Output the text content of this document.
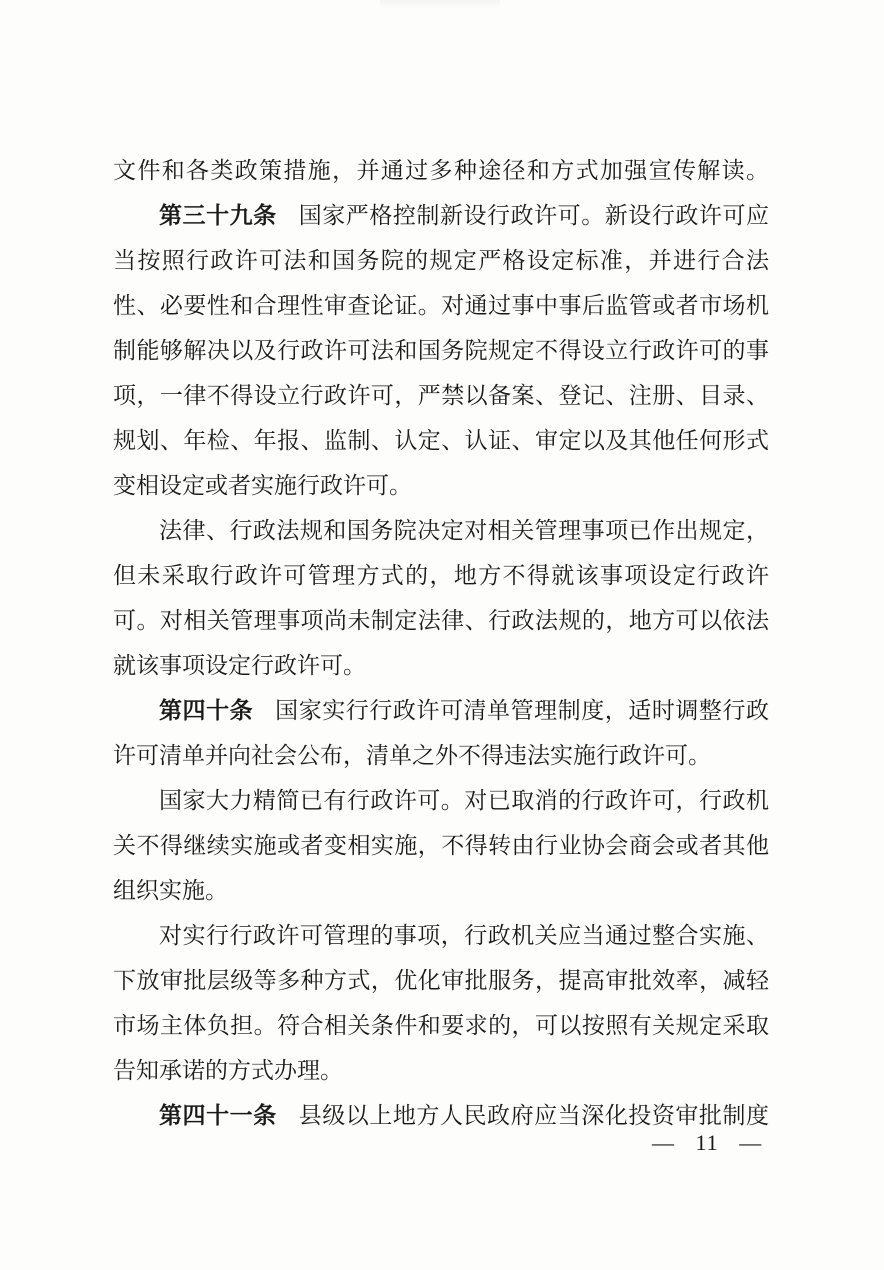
文件和各类政策措施，并通过多种途径和方式加强宣传解读。
第三十九条 国家严格控制新设行政许可。新设行政许可应
当按照行政许可法和国务院的规定严格设定标准，并进行合法
性、必要性和合理性审查论证。对通过事中事后监管或者市场机
制能够解决以及行政许可法和国务院规定不得设立行政许可的事
项，一律不得设立行政许可，严禁以备案、登记、注册、目录、
规划、年检、年报、监制、认定、认证、审定以及其他任何形式
变相设定或者实施行政许可。
法律、行政法规和国务院决定对相关管理事项已作出规定，
但未采取行政许可管理方式的，地方不得就该事项设定行政许
可。对相关管理事项尚未制定法律、行政法规的，地方可以依法
就该事项设定行政许可。
第四十条 国家实行行政许可清单管理制度，适时调整行政
许可清单并向社会公布，清单之外不得违法实施行政许可。
国家大力精简已有行政许可。对已取消的行政许可，行政机
关不得继续实施或者变相实施，不得转由行业协会商会或者其他
组织实施。
对实行行政许可管理的事项，行政机关应当通过整合实施、
下放审批层级等多种方式，优化审批服务，提高审批效率，减轻
市场主体负担。符合相关条件和要求的，可以按照有关规定采取
告知承诺的方式办理。
第四十一条 县级以上地方人民政府应当深化投资审批制度
— 11 —
